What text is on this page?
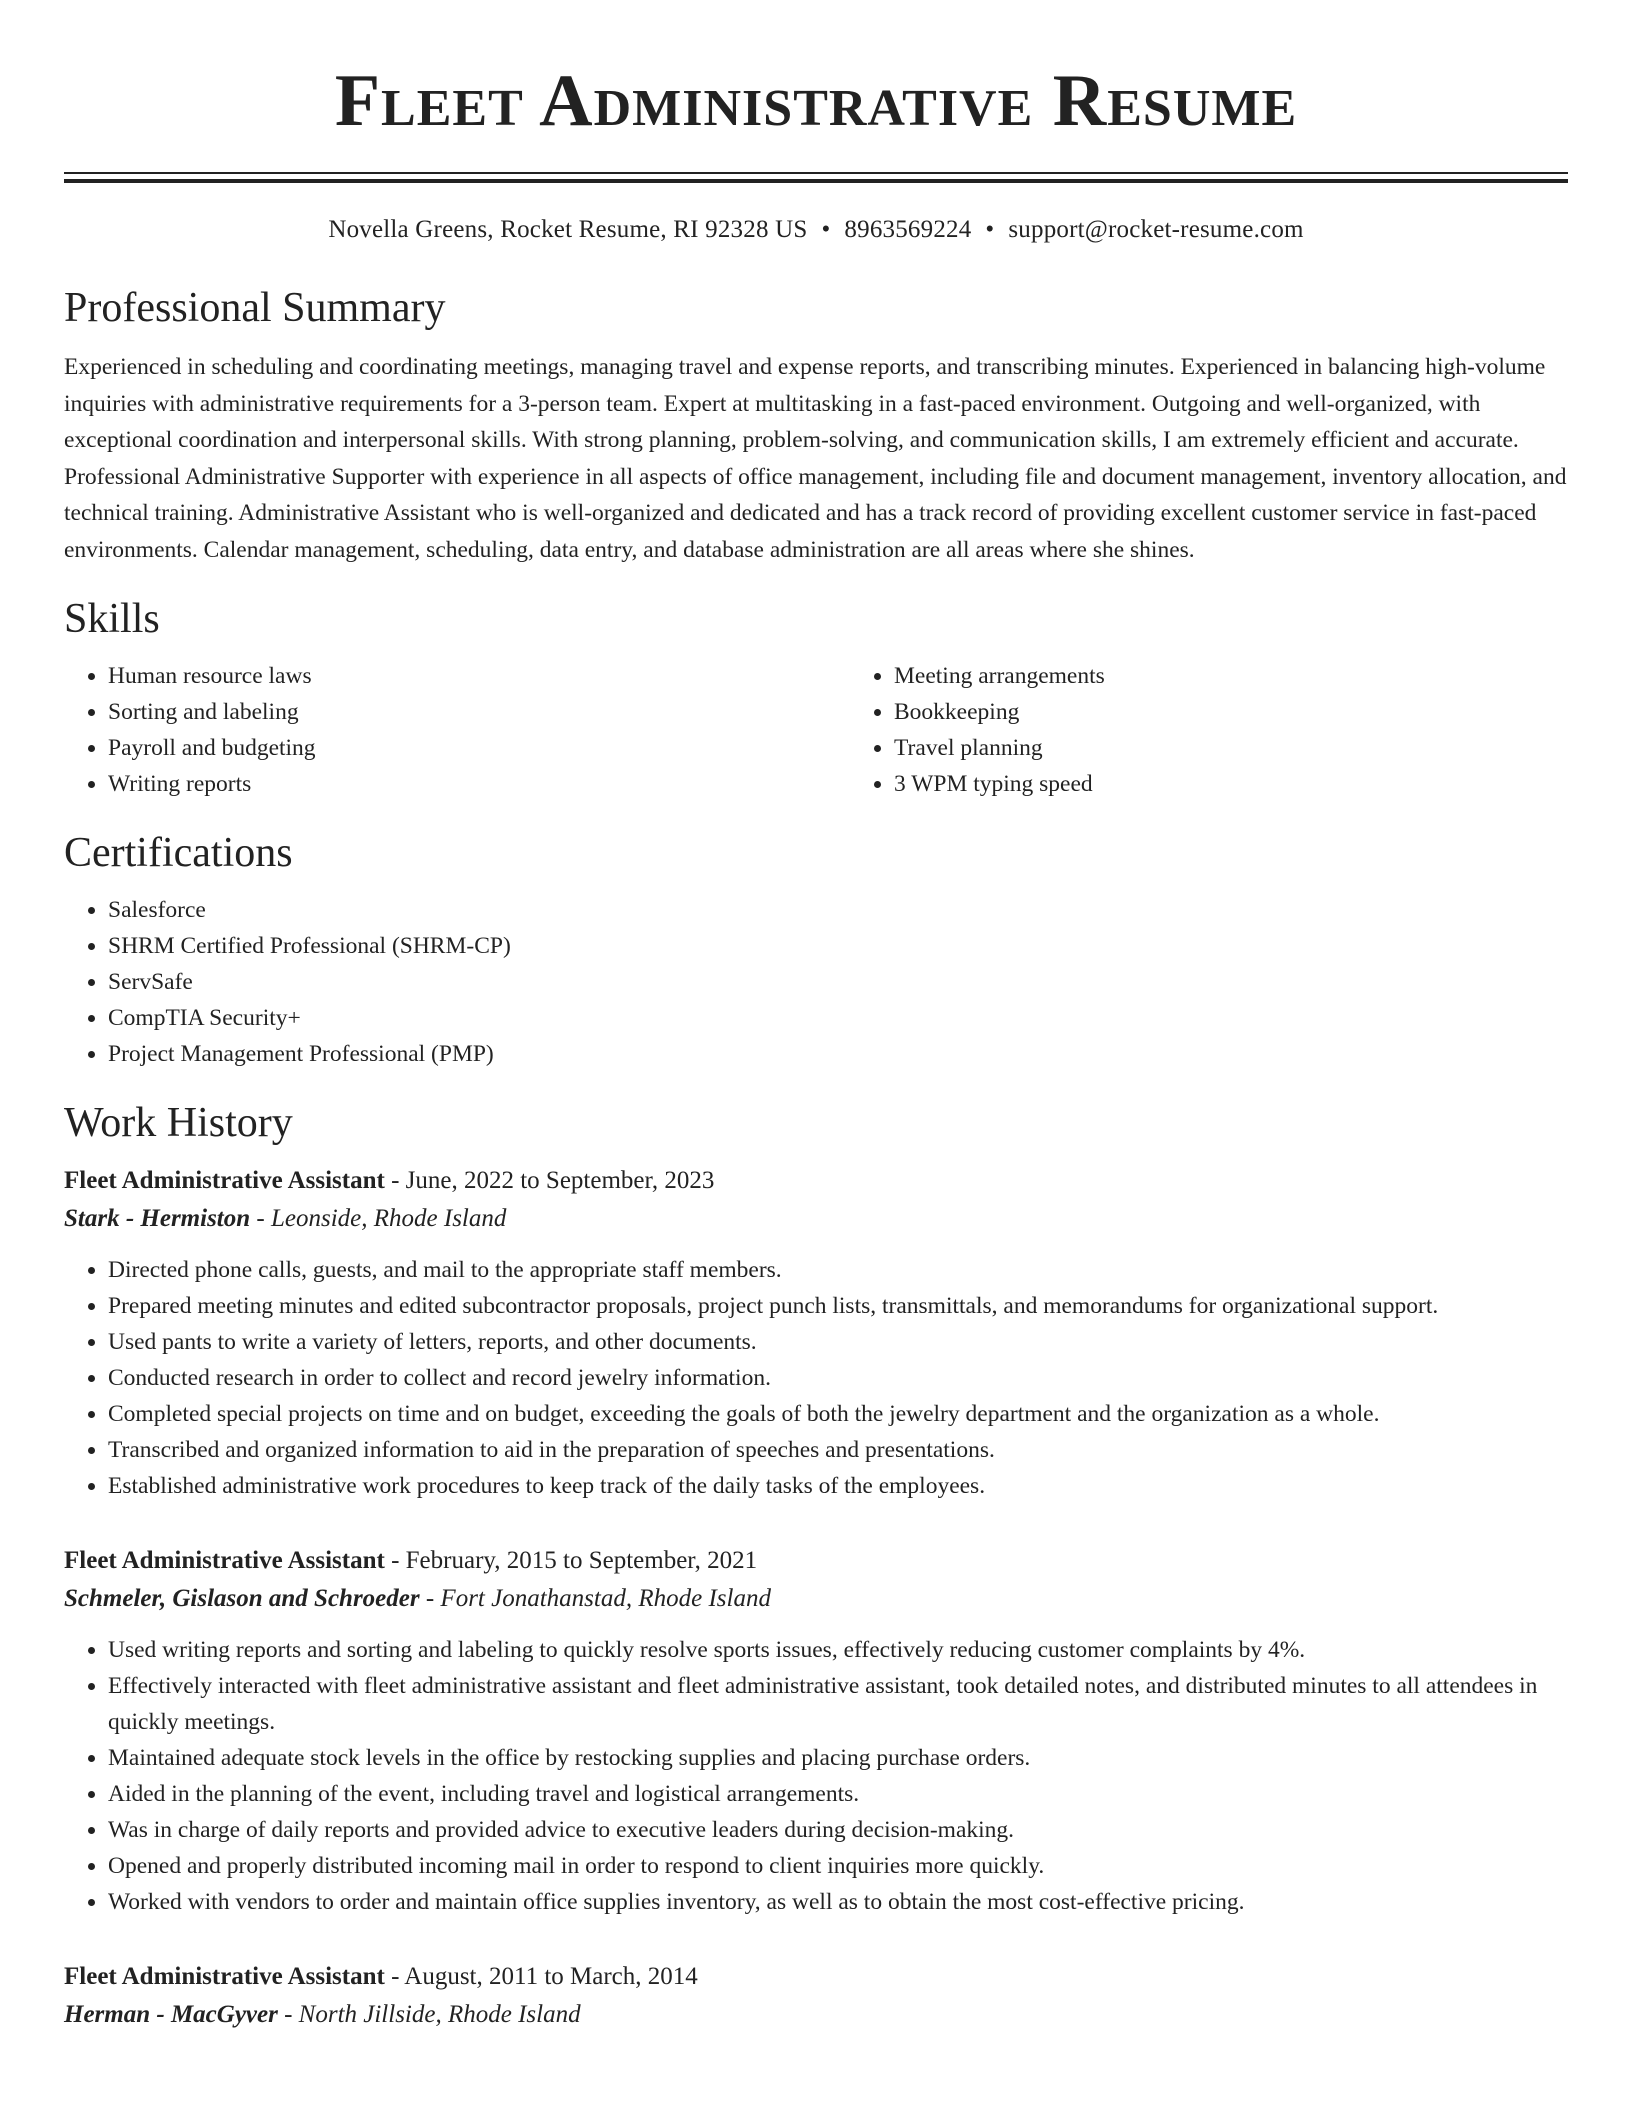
Fleet Administrative Resume
Novella Greens, Rocket Resume, RI 92328 US • 8963569224 • support@rocket-resume.com
Professional Summary

Experienced in scheduling and coordinating meetings, managing travel and expense reports, and transcribing minutes. Experienced in balancing high-volume inquiries with administrative requirements for a 3-person team. Expert at multitasking in a fast-paced environment. Outgoing and well-organized, with exceptional coordination and interpersonal skills. With strong planning, problem-solving, and communication skills, I am extremely efficient and accurate. Professional Administrative Supporter with experience in all aspects of office management, including file and document management, inventory allocation, and technical training. Administrative Assistant who is well-organized and dedicated and has a track record of providing excellent customer service in fast-paced environments. Calendar management, scheduling, data entry, and database administration are all areas where she shines.

Skills
• Human resource laws
• Sorting and labeling
• Payroll and budgeting
• Writing reports
• Meeting arrangements
• Bookkeeping
• Travel planning
• 3 WPM typing speed
Certifications
• Salesforce
• SHRM Certified Professional (SHRM-CP)
• ServSafe
• CompTIA Security+
• Project Management Professional (PMP)
Work History
Fleet Administrative Assistant - June, 2022 to September, 2023
Stark - Hermiston - Leonside, Rhode Island
• Directed phone calls, guests, and mail to the appropriate staff members.
• Prepared meeting minutes and edited subcontractor proposals, project punch lists, transmittals, and memorandums for organizational support.
• Used pants to write a variety of letters, reports, and other documents.
• Conducted research in order to collect and record jewelry information.
• Completed special projects on time and on budget, exceeding the goals of both the jewelry department and the organization as a whole.
• Transcribed and organized information to aid in the preparation of speeches and presentations.
• Established administrative work procedures to keep track of the daily tasks of the employees.
Fleet Administrative Assistant - February, 2015 to September, 2021
Schmeler, Gislason and Schroeder - Fort Jonathanstad, Rhode Island
• Used writing reports and sorting and labeling to quickly resolve sports issues, effectively reducing customer complaints by 4%.
• Effectively interacted with fleet administrative assistant and fleet administrative assistant, took detailed notes, and distributed minutes to all attendees in quickly meetings.
• Maintained adequate stock levels in the office by restocking supplies and placing purchase orders.
• Aided in the planning of the event, including travel and logistical arrangements.
• Was in charge of daily reports and provided advice to executive leaders during decision-making.
• Opened and properly distributed incoming mail in order to respond to client inquiries more quickly.
• Worked with vendors to order and maintain office supplies inventory, as well as to obtain the most cost-effective pricing.
Fleet Administrative Assistant - August, 2011 to March, 2014
Herman - MacGyver - North Jillside, Rhode Island
